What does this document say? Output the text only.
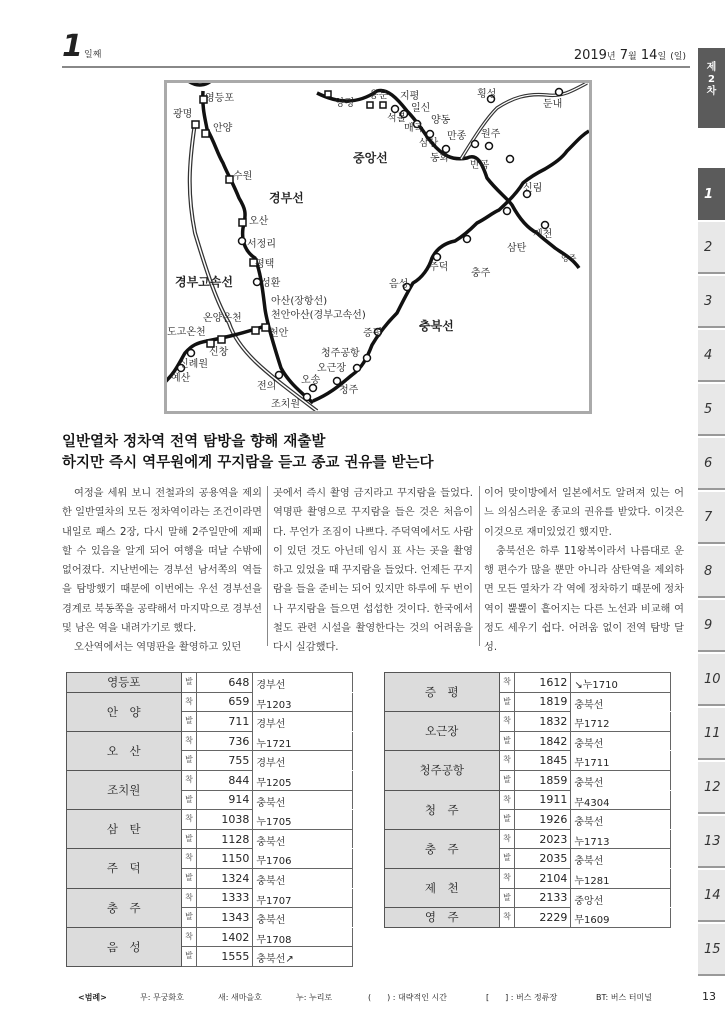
1 일째	2019년 7월 14일 (일)
제
2
차
1
2
3
4
5
6
7
8
9
10
11
12
13
14
15
영등포
광명
안양
수원
오산
서정리
평택
성환
아산(장항선)
천안아산(경부고속선)
천안
온양온천
도고온천
신창
신례원
예산
전의
조치원
오송
청주
오근장
청주공항
증평
음성
주덕
충주
삼탄
제천
영주
신림
반곡
원주
만종
동화
삼산
매곡
양동
일신
석불
지평
용문
양평
횡성
둔내
경부선
중앙선
경부고속선
충북선
일반열차 정차역 전역 탐방을 향해 재출발
하지만 즉시 역무원에게 꾸지람을 듣고 종교 권유를 받는다

여정을 세워 보니 전철과의 공용역을 제외한 일반열차의 모든 정차역이라는 조건이라면 내일로 패스 2장, 다시 말해 2주일만에 제패할 수 있음을 알게 되어 여행을 떠날 수밖에 없어졌다. 지난번에는 경부선 남서쪽의 역들을 탐방했기 때문에 이번에는 우선 경부선을 경계로 북동쪽을 공략해서 마지막으로 경부선 및 남은 역을 내려가기로 했다.

오산역에서는 역명판을 촬영하고 있던

곳에서 즉시 촬영 금지라고 꾸지람을 들었다. 역명판 촬영으로 꾸지람을 들은 것은 처음이다. 무언가 조짐이 나쁘다. 주덕역에서도 사람이 있던 것도 아닌데 임시 표 사는 곳을 촬영하고 있었을 때 꾸지람을 들었다. 언제든 꾸지람을 들을 준비는 되어 있지만 하루에 두 번이나 꾸지람을 들으면 섭섭한 것이다. 한국에서 철도 관련 시설을 촬영한다는 것의 어려움을 다시 실감했다.

이어 맞이방에서 일본에서도 알려져 있는 어느 의심스러운 종교의 권유를 받았다. 이것은 이것으로 재미있었긴 했지만.

충북선은 하루 11왕복이라서 나름대로 운행 편수가 많을 뿐만 아니라 삼탄역을 제외하면 모든 열차가 각 역에 정차하기 때문에 정차역이 뿔뿔이 흩어지는 다른 노선과 비교해 여정도 세우기 쉽다. 어려움 없이 전역 탐방 달성.

영등포	발	648	경부선
안　양	착	659	무1203
	발	711	경부선
오　산	착	736	누1721
	발	755	경부선
조치원	착	844	무1205
	발	914	충북선
삼　탄	착	1038	누1705
	발	1128	충북선
주　덕	착	1150	무1706
	발	1324	충북선
충　주	착	1333	무1707
	발	1343	충북선
음　성	착	1402	무1708
	발	1555	충북선↗
증　평	착	1612	↘누1710
	발	1819	충북선
오근장	착	1832	무1712
	발	1842	충북선
청주공항	착	1845	무1711
	발	1859	충북선
청　주	착	1911	무4304
	발	1926	충북선
충　주	착	2023	누1713
	발	2035	충북선
제　천	착	2104	누1281
	발	2133	중앙선
영　주	착	2229	무1609
<범례>	무: 무궁화호	새: 새마을호	누: 누리로	(　　) : 대략적인 시간	[　　] : 버스 정류장	BT: 버스 터미널	13
